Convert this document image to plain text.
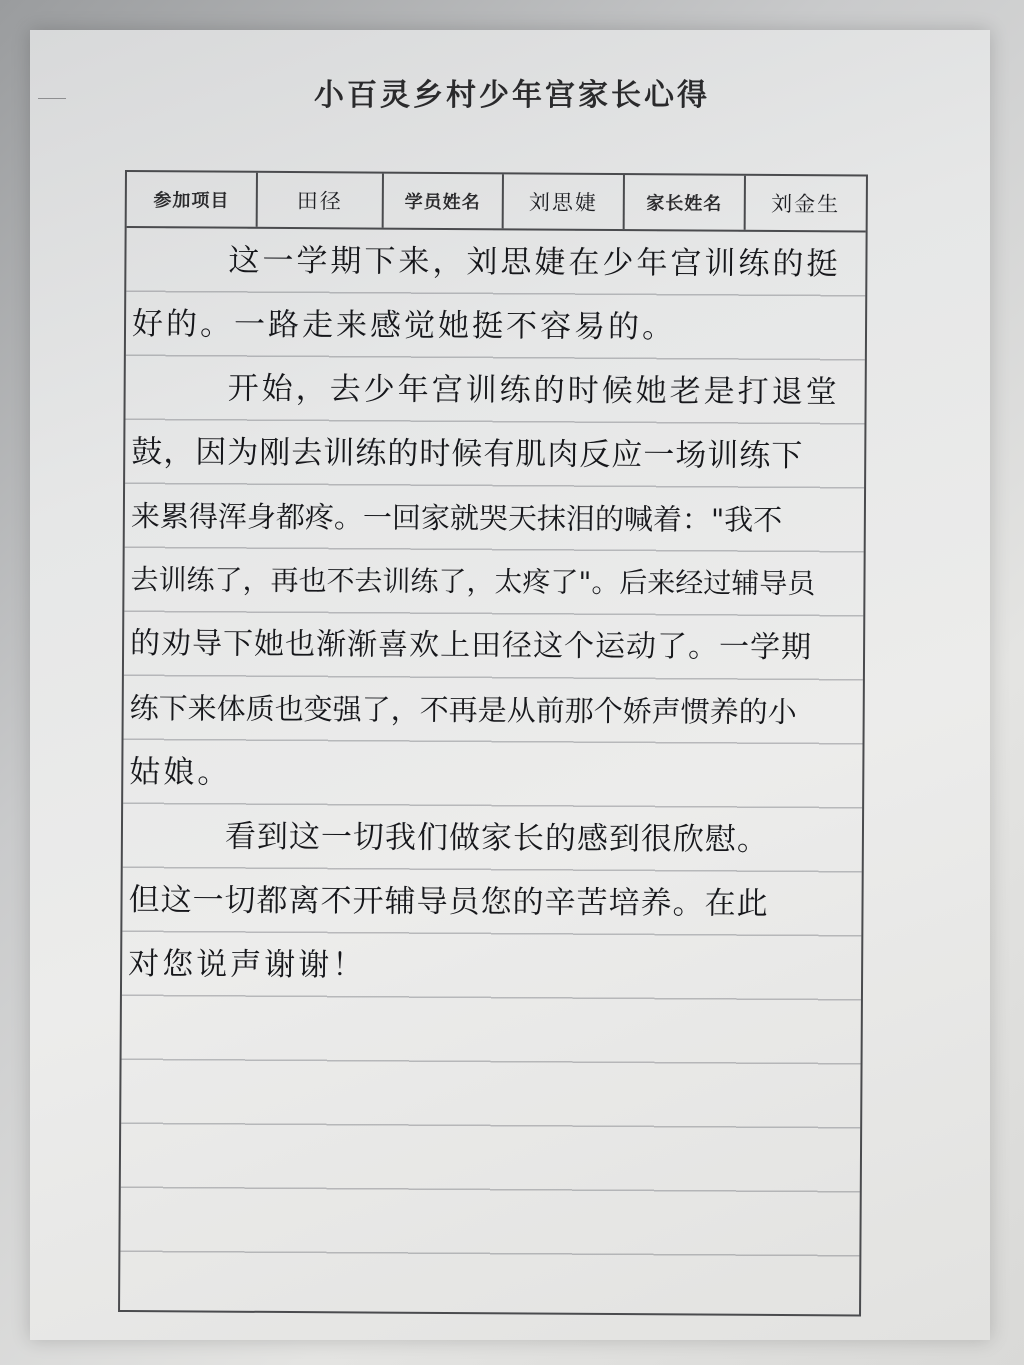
小百灵乡村少年宫家长心得
参加项目	田径	学员姓名	刘思婕	家长姓名	刘金生
这一学期下来，刘思婕在少年宫训练的挺
好的。一路走来感觉她挺不容易的。
开始，去少年宫训练的时候她老是打退堂
鼓，因为刚去训练的时候有肌肉反应一场训练下
来累得浑身都疼。一回家就哭天抹泪的喊着："我不
去训练了，再也不去训练了，太疼了"。后来经过辅导员
的劝导下她也渐渐喜欢上田径这个运动了。一学期
练下来体质也变强了，不再是从前那个娇声惯养的小
姑娘。
看到这一切我们做家长的感到很欣慰。
但这一切都离不开辅导员您的辛苦培养。在此
对您说声谢谢！
